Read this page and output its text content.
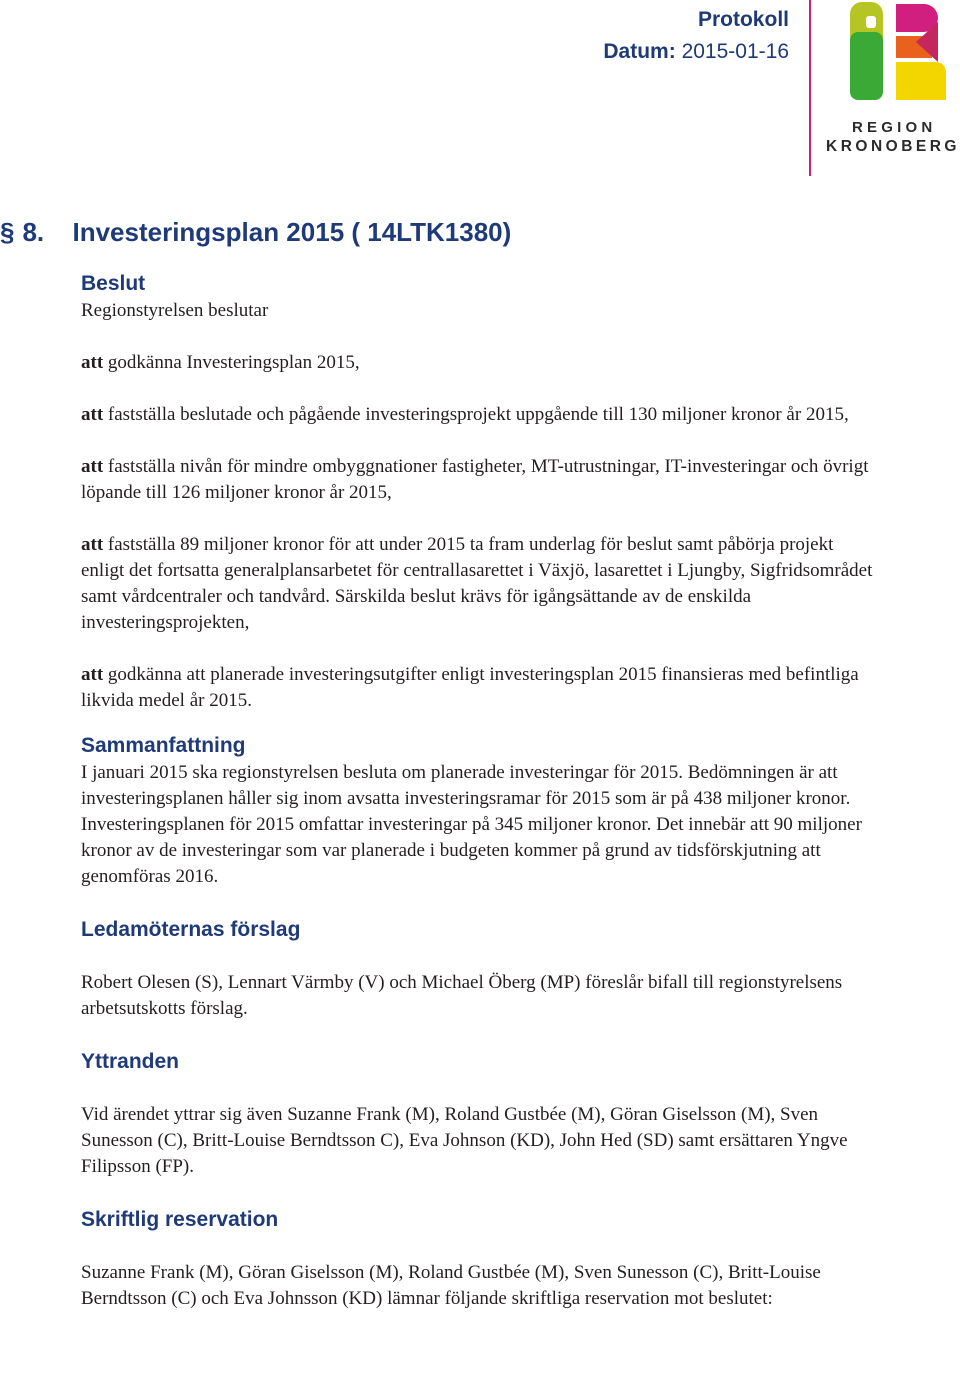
Protokoll
Datum: 2015-01-16
REGION
KRONOBERG
§ 8. Investeringsplan 2015 ( 14LTK1380)
Beslut

Regionstyrelsen beslutar

att godkänna Investeringsplan 2015,

att fastställa beslutade och pågående investeringsprojekt uppgående till 130 miljoner kronor år 2015,

att fastställa nivån för mindre ombyggnationer fastigheter, MT-utrustningar, IT-investeringar och övrigt löpande till 126 miljoner kronor år 2015,

att fastställa 89 miljoner kronor för att under 2015 ta fram underlag för beslut samt påbörja projekt enligt det fortsatta generalplansarbetet för centrallasarettet i Växjö, lasarettet i Ljungby, Sigfridsområdet samt vårdcentraler och tandvård. Särskilda beslut krävs för igångsättande av de enskilda investeringsprojekten,

att godkänna att planerade investeringsutgifter enligt investeringsplan 2015 finansieras med befintliga likvida medel år 2015.

Sammanfattning

I januari 2015 ska regionstyrelsen besluta om planerade investeringar för 2015. Bedömningen är att investeringsplanen håller sig inom avsatta investeringsramar för 2015 som är på 438 miljoner kronor. Investeringsplanen för 2015 omfattar investeringar på 345 miljoner kronor. Det innebär att 90 miljoner kronor av de investeringar som var planerade i budgeten kommer på grund av tidsförskjutning att genomföras 2016.

Ledamöternas förslag

Robert Olesen (S), Lennart Värmby (V) och Michael Öberg (MP) föreslår bifall till regionstyrelsens arbetsutskotts förslag.

Yttranden

Vid ärendet yttrar sig även Suzanne Frank (M), Roland Gustbée (M), Göran Giselsson (M), Sven Sunesson (C), Britt-Louise Berndtsson C), Eva Johnson (KD), John Hed (SD) samt ersättaren Yngve Filipsson (FP).

Skriftlig reservation

Suzanne Frank (M), Göran Giselsson (M), Roland Gustbée (M), Sven Sunesson (C), Britt-Louise Berndtsson (C) och Eva Johnsson (KD) lämnar följande skriftliga reservation mot beslutet:
